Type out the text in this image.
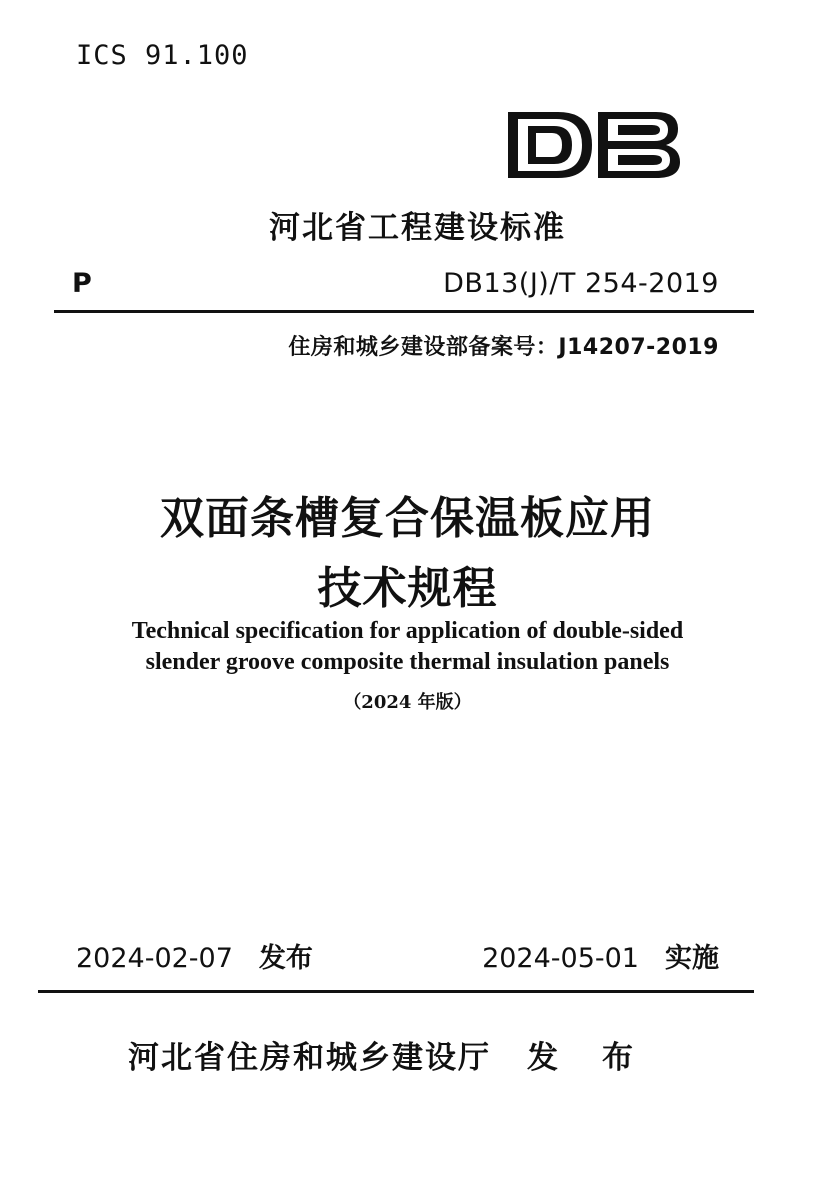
ICS 91.100
河北省工程建设标准
P	DB13(J)/T 254-2019
住房和城乡建设部备案号：J14207-2019
双面条槽复合保温板应用
技术规程
Technical specification for application of double-sided
slender groove composite thermal insulation panels
（2024 年版）
2024-02-07 发布	2024-05-01 实施
河北省住房和城乡建设厅 发布
